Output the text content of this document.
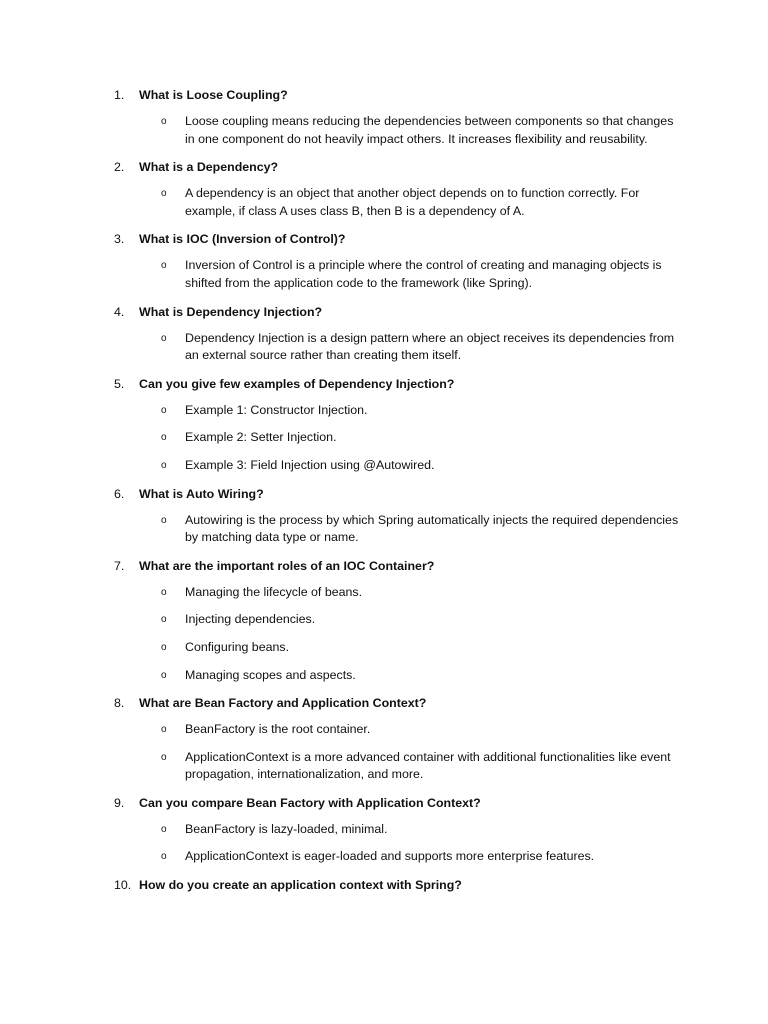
1.	What is Loose Coupling?
o	Loose coupling means reducing the dependencies between components so that changes in one component do not heavily impact others. It increases flexibility and reusability.
2.	What is a Dependency?
o	A dependency is an object that another object depends on to function correctly. For example, if class A uses class B, then B is a dependency of A.
3.	What is IOC (Inversion of Control)?
o	Inversion of Control is a principle where the control of creating and managing objects is shifted from the application code to the framework (like Spring).
4.	What is Dependency Injection?
o	Dependency Injection is a design pattern where an object receives its dependencies from an external source rather than creating them itself.
5.	Can you give few examples of Dependency Injection?
o	Example 1: Constructor Injection.
o	Example 2: Setter Injection.
o	Example 3: Field Injection using @Autowired.
6.	What is Auto Wiring?
o	Autowiring is the process by which Spring automatically injects the required dependencies by matching data type or name.
7.	What are the important roles of an IOC Container?
o	Managing the lifecycle of beans.
o	Injecting dependencies.
o	Configuring beans.
o	Managing scopes and aspects.
8.	What are Bean Factory and Application Context?
o	BeanFactory is the root container.
o	ApplicationContext is a more advanced container with additional functionalities like event propagation, internationalization, and more.
9.	Can you compare Bean Factory with Application Context?
o	BeanFactory is lazy-loaded, minimal.
o	ApplicationContext is eager-loaded and supports more enterprise features.
10. How do you create an application context with Spring?
